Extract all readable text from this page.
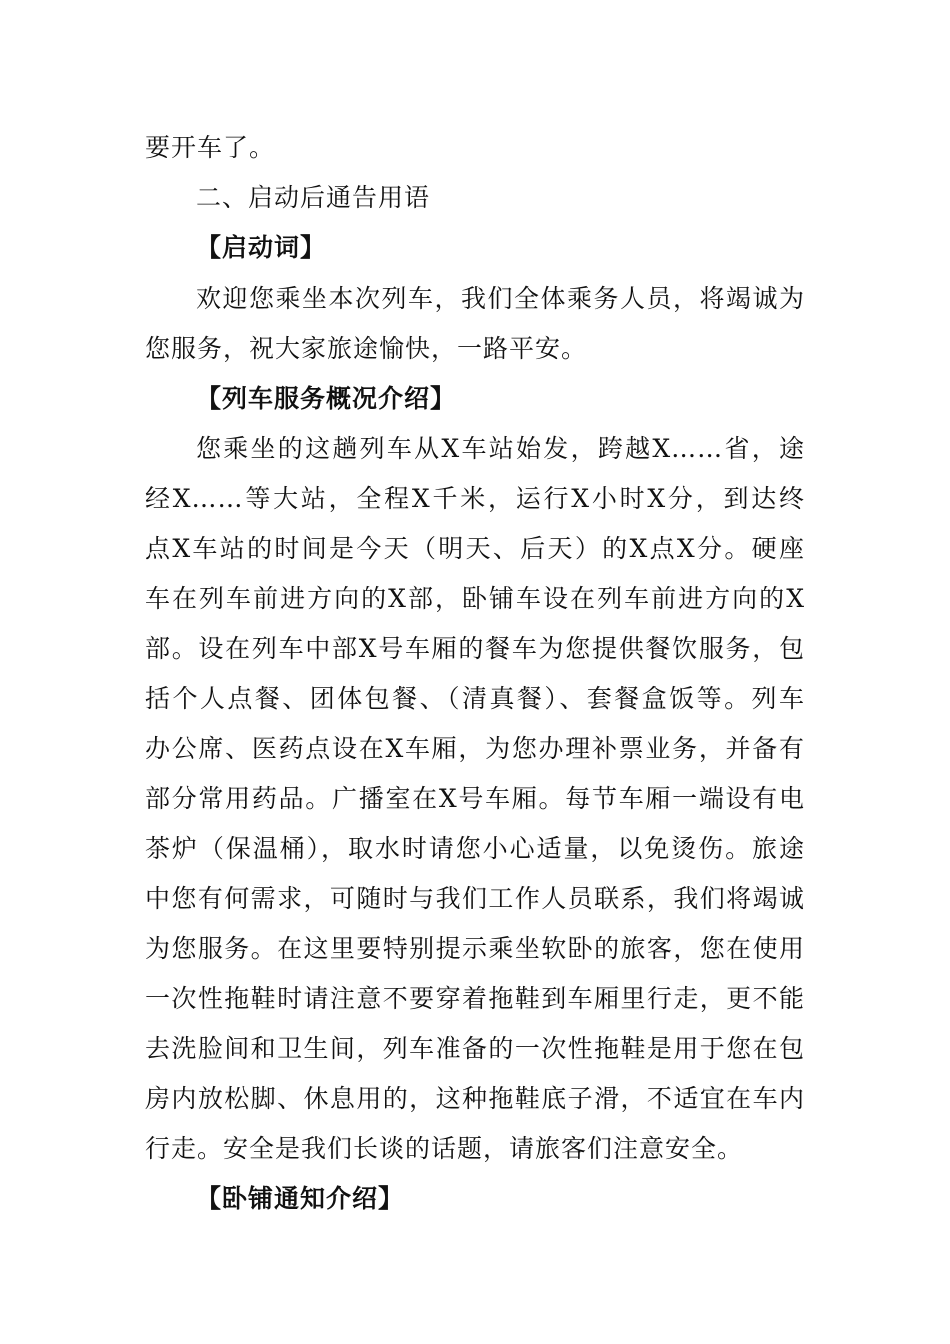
要开车了。
二、启动后通告用语
【启动词】
欢迎您乘坐本次列车，我们全体乘务人员，将竭诚为
您服务，祝大家旅途愉快，一路平安。
【列车服务概况介绍】
您乘坐的这趟列车从X车站始发，跨越X……省，途
经X……等大站，全程X千米，运行X小时X分，到达终
点X车站的时间是今天（明天、后天）的X点X分。硬座
车在列车前进方向的X部，卧铺车设在列车前进方向的X
部。设在列车中部X号车厢的餐车为您提供餐饮服务，包
括个人点餐、团体包餐、（清真餐）、套餐盒饭等。列车
办公席、医药点设在X车厢，为您办理补票业务，并备有
部分常用药品。广播室在X号车厢。每节车厢一端设有电
茶炉（保温桶），取水时请您小心适量，以免烫伤。旅途
中您有何需求，可随时与我们工作人员联系，我们将竭诚
为您服务。在这里要特别提示乘坐软卧的旅客，您在使用
一次性拖鞋时请注意不要穿着拖鞋到车厢里行走，更不能
去洗脸间和卫生间，列车准备的一次性拖鞋是用于您在包
房内放松脚、休息用的，这种拖鞋底子滑，不适宜在车内
行走。安全是我们长谈的话题，请旅客们注意安全。
【卧铺通知介绍】
